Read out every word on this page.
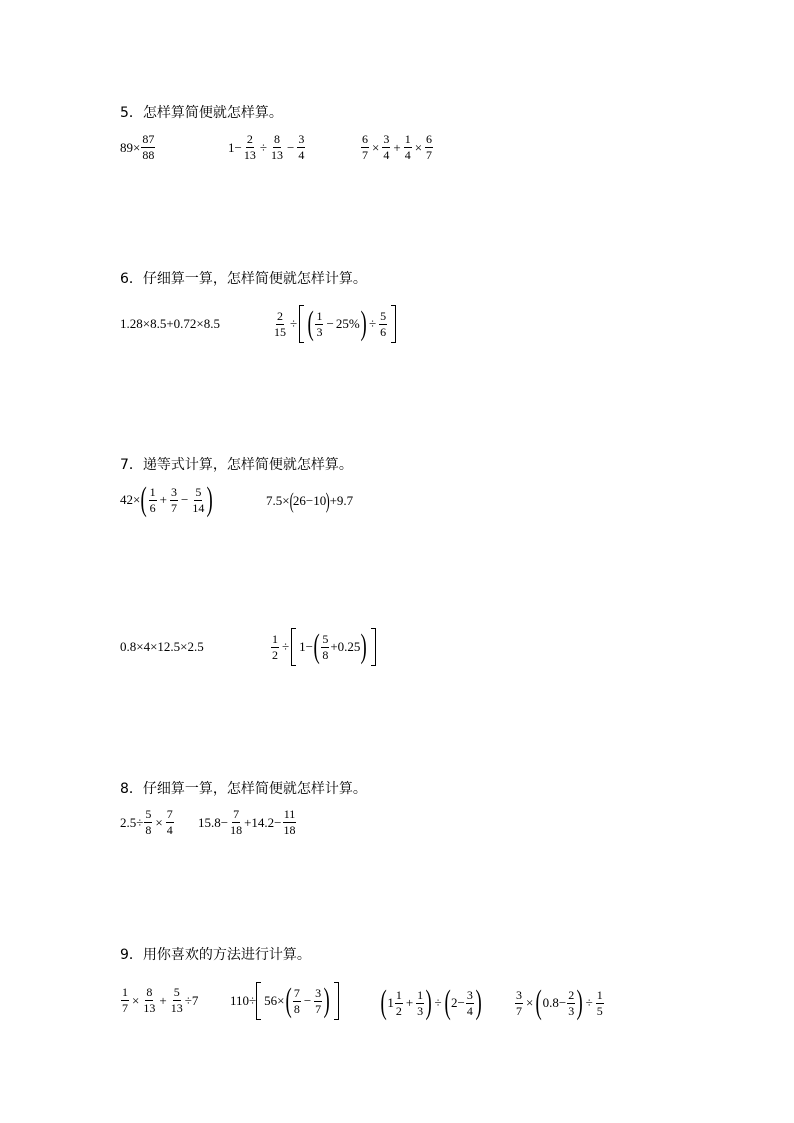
5．怎样算简便就怎样算。
$89\times \frac{87}{88}$	$1- \frac{2}{13} \div \frac{8}{13} - \frac{3}{4}$	$\frac{6}{7} \times \frac{3}{4} + \frac{1}{4} \times \frac{6}{7}$
6．仔细算一算，怎样简便就怎样计算。
1.28×8.5+0.72×8.5	$\frac{2}{15}$ ÷ ( $\frac{1}{3} - 25\%$ ) ÷ $\frac{5}{6}$
7．递等式计算，怎样简便就怎样算。
42× ( $\frac{1}{6} + \frac{3}{7} - \frac{5}{14}$ )	7.5× ( 26−10 ) +9.7
0.8×4×12.5×2.5	$\frac{1}{2} \div 1-$ ( $\frac{5}{8} +0.25$ )
8．仔细算一算，怎样简便就怎样计算。
$2.5\div \frac{5}{8} \times \frac{7}{4} 15.8- \frac{7}{18} +14.2- \frac{11}{18}$
9．用你喜欢的方法进行计算。
$\frac{1}{7} \times \frac{8}{13} + \frac{5}{13} \div 7$ 110÷ 56× ( $\frac{7}{8} - \frac{3}{7}$ ) ( $1 \frac{1}{2} + \frac{1}{3}$ ) ÷ ( $2- \frac{3}{4}$ )	$\frac{3}{7}$ × ( $0.8- \frac{2}{3}$ ) ÷ $\frac{1}{5}$
